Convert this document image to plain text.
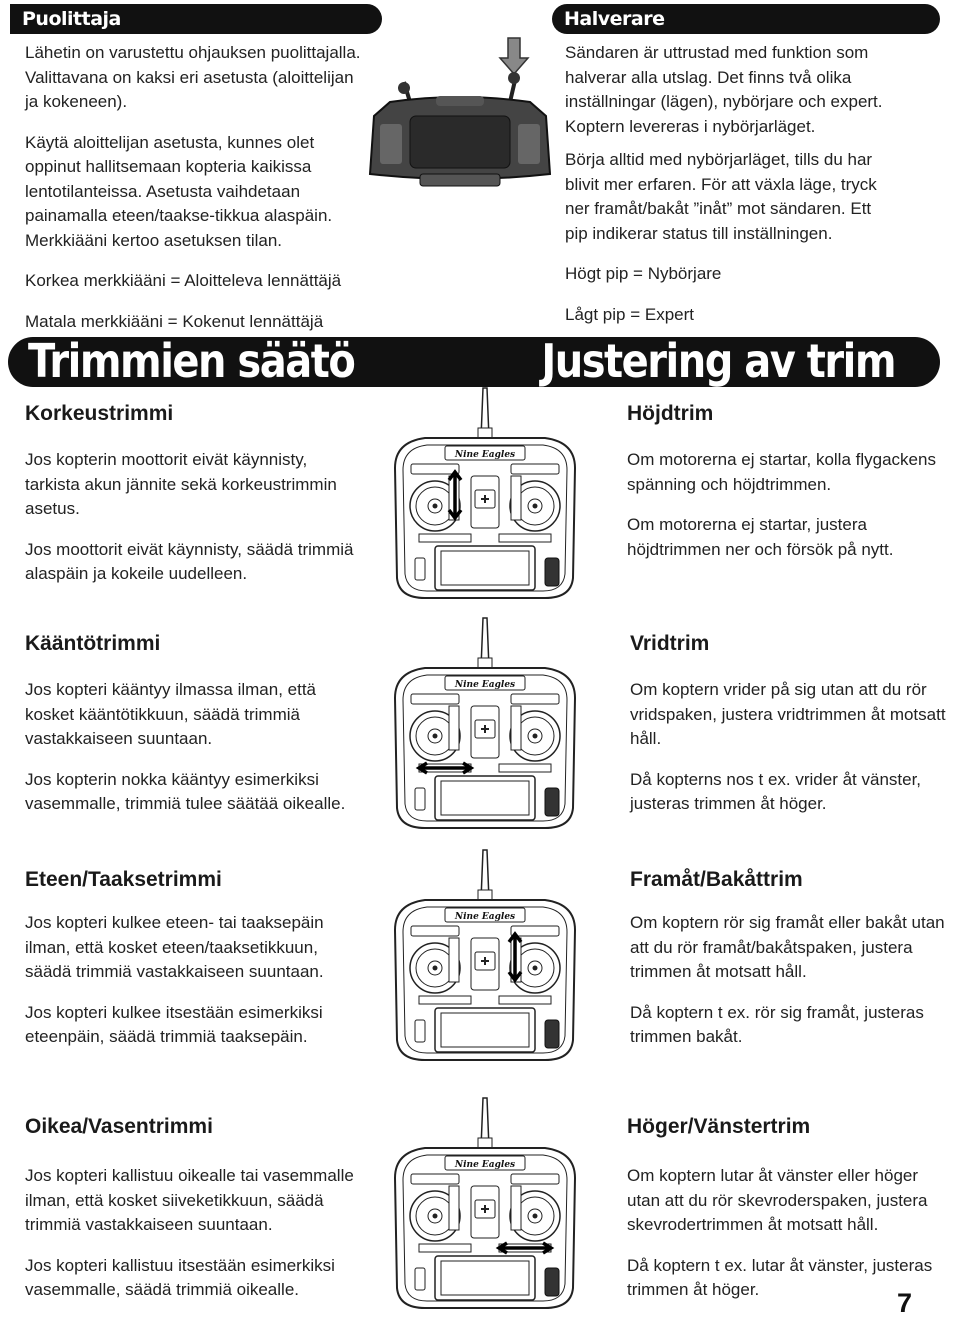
Puolittaja	Halverare

Lähetin on varustettu ohjauksen puolittajalla. Valittavana on kaksi eri asetusta (aloittelijan ja kokeneen).

Käytä aloittelijan asetusta, kunnes olet oppinut hallitsemaan kopteria kaikissa lentotilanteissa. Asetusta vaihdetaan painamalla eteen/taakse-tikkua alaspäin. Merkkiääni kertoo asetuksen tilan.

Korkea merkkiääni = Aloitteleva lennättäjä

Matala merkkiääni = Kokenut lennättäjä

Sändaren är uttrustad med funktion som halverar alla utslag. Det finns två olika inställningar (lägen), nybörjare och expert. Koptern levereras i nybörjarläget.

Börja alltid med nybörjarläget, tills du har blivit mer erfaren. För att växla läge, tryck ner framåt/bakåt ”inåt” mot sändaren. Ett pip indikerar status till inställningen.

Högt pip = Nybörjare

Lågt pip = Expert

Trimmien säätö	Justering av trim
Korkeustrimmi

Jos kopterin moottorit eivät käynnisty, tarkista akun jännite sekä korkeustrimmin asetus.

Jos moottorit eivät käynnisty, säädä trimmiä alaspäin ja kokeile uudelleen.

Höjdtrim

Om motorerna ej startar, kolla flygackens spänning och höjdtrimmen.

Om motorerna ej startar, justera höjdtrimmen ner och försök på nytt.

Kääntötrimmi

Jos kopteri kääntyy ilmassa ilman, että kosket kääntötikkuun, säädä trimmiä vastakkaiseen suuntaan.

Jos kopterin nokka kääntyy esimerkiksi vasemmalle, trimmiä tulee säätää oikealle.

Vridtrim

Om koptern vrider på sig utan att du rör vridspaken, justera vridtrimmen åt motsatt håll.

Då kopterns nos t ex. vrider åt vänster, justeras trimmen åt höger.

Eteen/Taaksetrimmi

Jos kopteri kulkee eteen- tai taaksepäin ilman, että kosket eteen/taaksetikkuun, säädä trimmiä vastakkaiseen suuntaan.

Jos kopteri kulkee itsestään esimerkiksi eteenpäin, säädä trimmiä taaksepäin.

Framåt/Bakåttrim

Om koptern rör sig framåt eller bakåt utan att du rör framåt/bakåtspaken, justera trimmen åt motsatt håll.

Då koptern t ex. rör sig framåt, justeras trimmen bakåt.

Oikea/Vasentrimmi

Jos kopteri kallistuu oikealle tai vasemmalle ilman, että kosket siiveketikkuun, säädä trimmiä vastakkaiseen suuntaan.

Jos kopteri kallistuu itsestään esimerkiksi vasemmalle, säädä trimmiä oikealle.

Höger/Vänstertrim

Om koptern lutar åt vänster eller höger utan att du rör skevroderspaken, justera skevrodertrimmen åt motsatt håll.

Då koptern t ex. lutar åt vänster, justeras trimmen åt höger.

Nine Eagles
Nine Eagles
Nine Eagles
Nine Eagles
7
